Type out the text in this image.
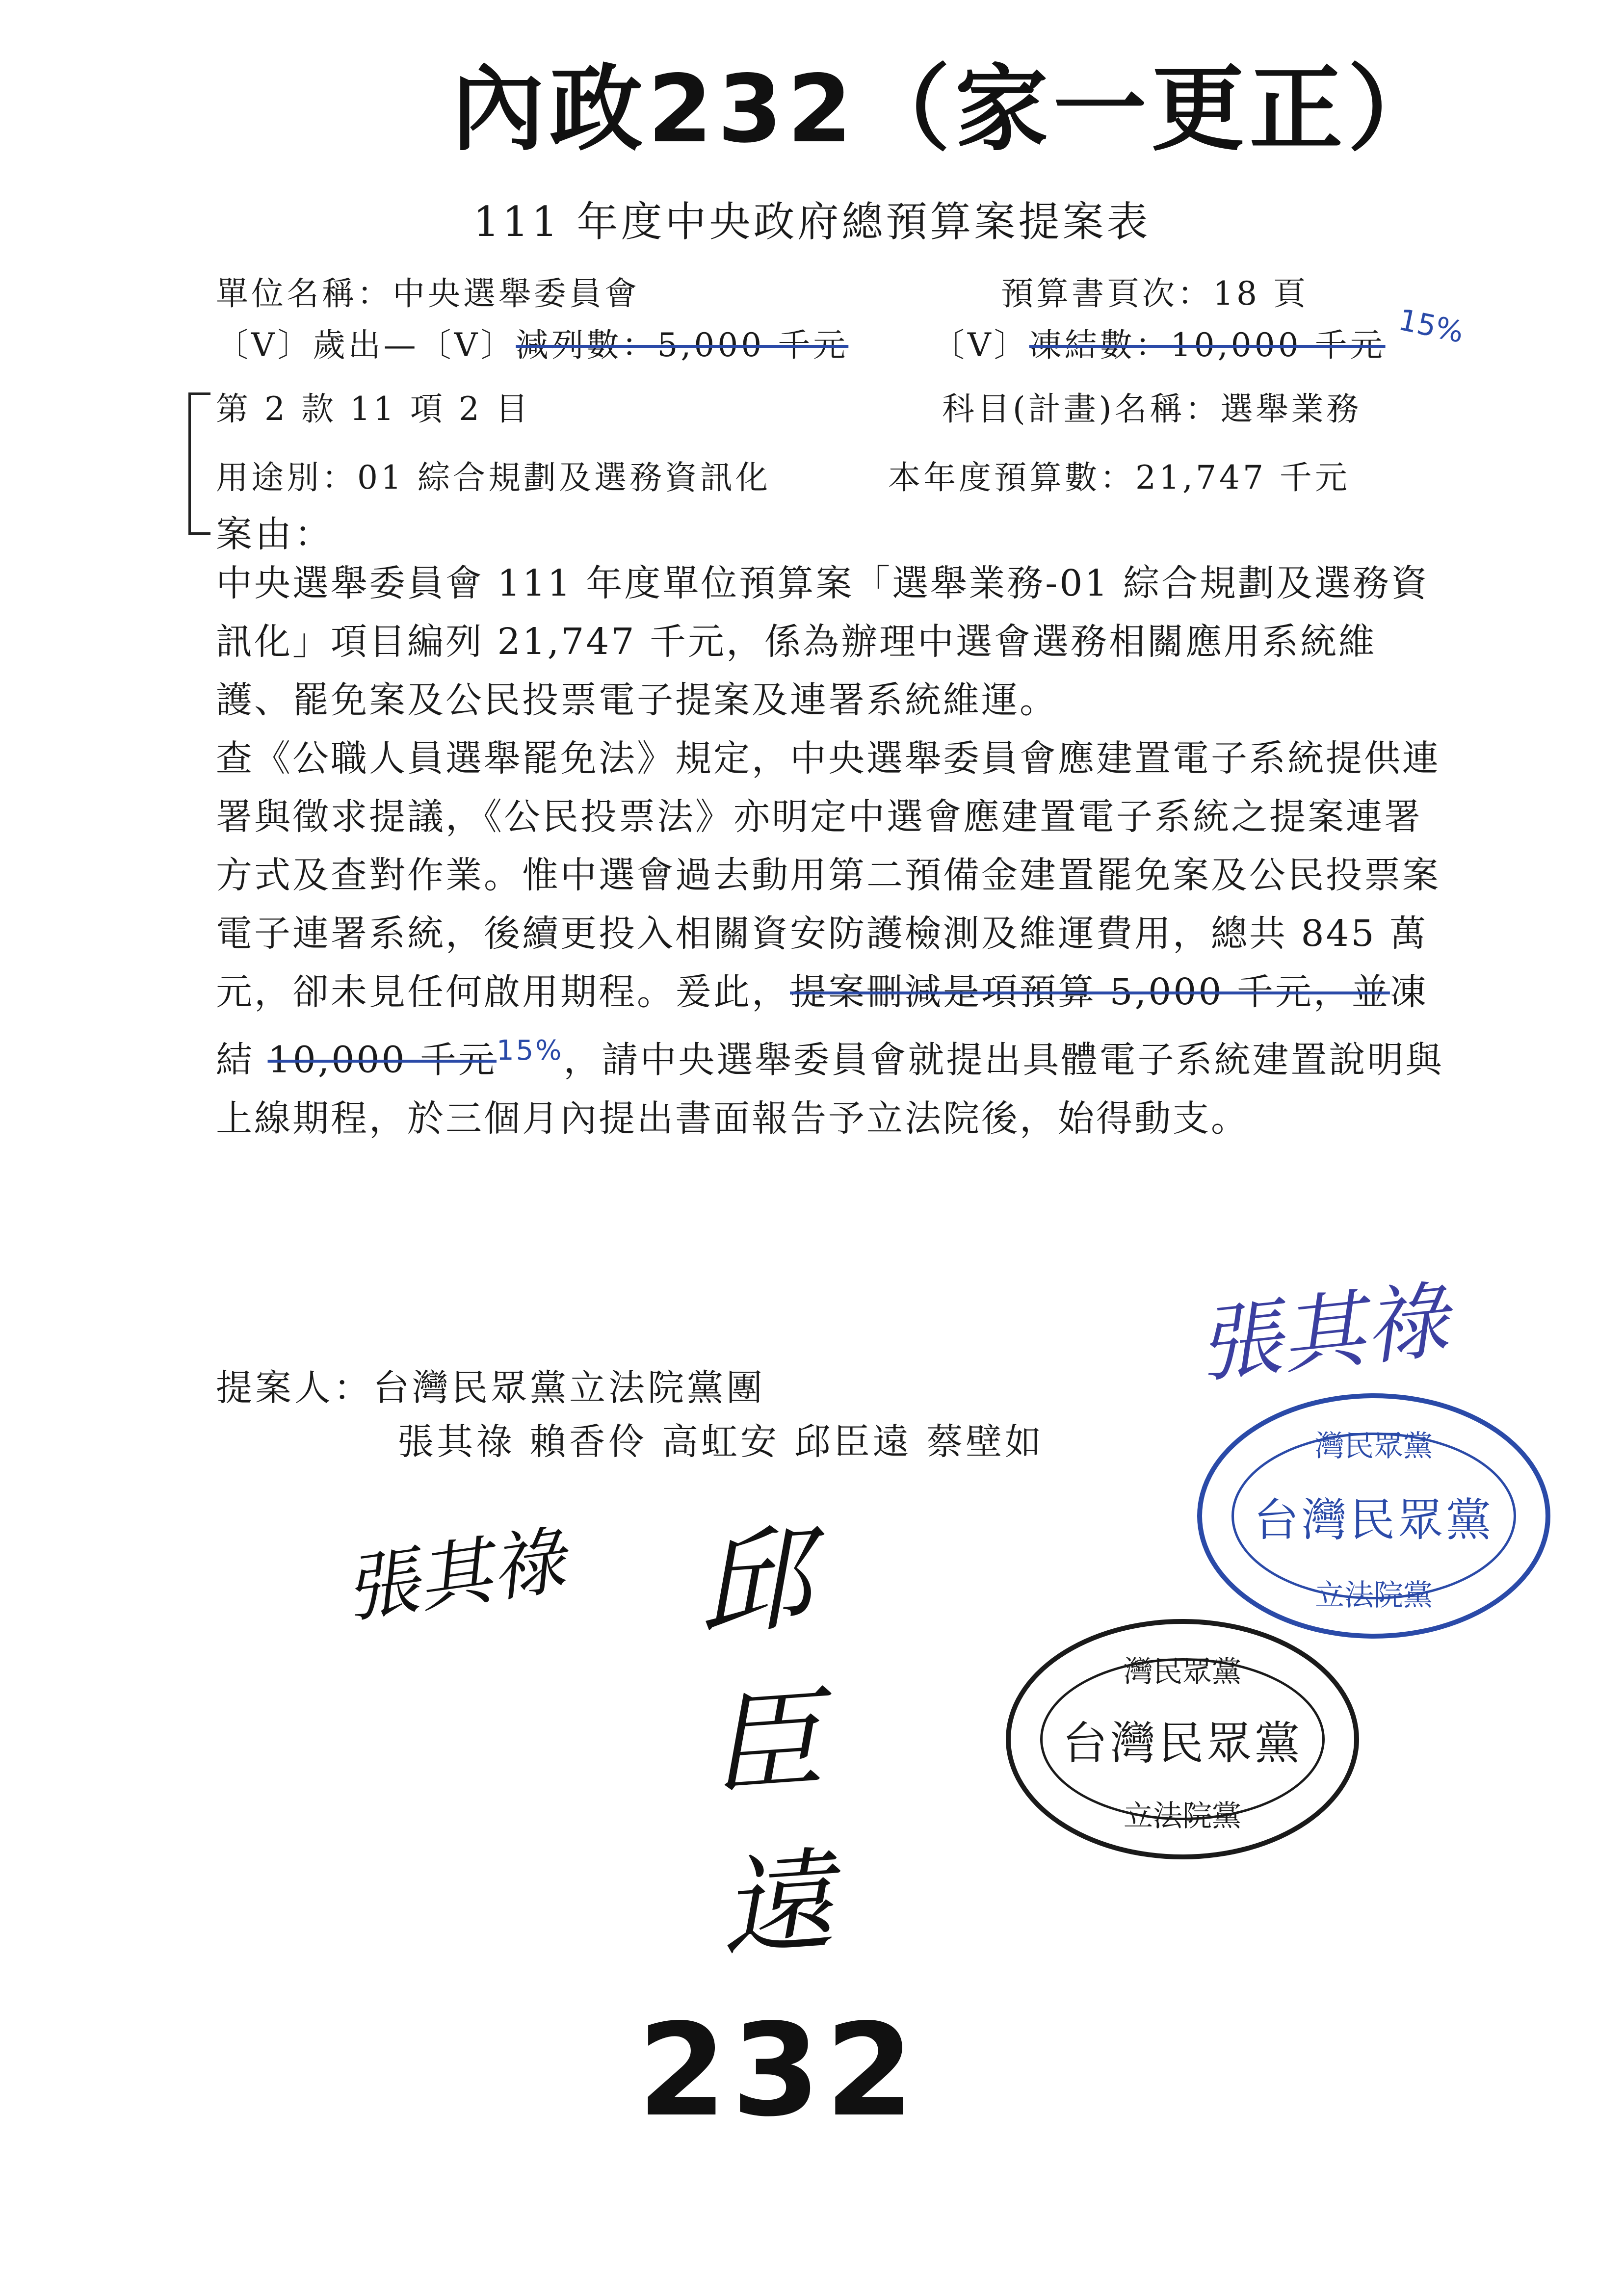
內政232（家一更正）
111 年度中央政府總預算案提案表
單位名稱：中央選舉委員會	預算書頁次：18 頁
〔V〕歲出—〔V〕減列數：5,000 千元	〔V〕凍結數：10,000 千元 15%
第 2 款 11 項 2 目	科目(計畫)名稱：選舉業務
用途別：01 綜合規劃及選務資訊化	本年度預算數：21,747 千元
案由：

中央選舉委員會 111 年度單位預算案「選舉業務-01 綜合規劃及選務資訊化」項目編列 21,747 千元，係為辦理中選會選務相關應用系統維護、罷免案及公民投票電子提案及連署系統維運。

查《公職人員選舉罷免法》規定，中央選舉委員會應建置電子系統提供連署與徵求提議，《公民投票法》亦明定中選會應建置電子系統之提案連署方式及查對作業。惟中選會過去動用第二預備金建置罷免案及公民投票案電子連署系統，後續更投入相關資安防護檢測及維運費用，總共 845 萬元，卻未見任何啟用期程。爰此，提案刪減是項預算 5,000 千元，並凍結 10,000 千元$^{15\%}$，請中央選舉委員會就提出具體電子系統建置說明與上線期程，於三個月內提出書面報告予立法院後，始得動支。

提案人：台灣民眾黨立法院黨團
張其祿 賴香伶 高虹安 邱臣遠 蔡壁如
張其祿
張其祿 邱臣遠
灣民眾黨
台灣民眾黨
立法院黨
灣民眾黨
台灣民眾黨
立法院黨
232
